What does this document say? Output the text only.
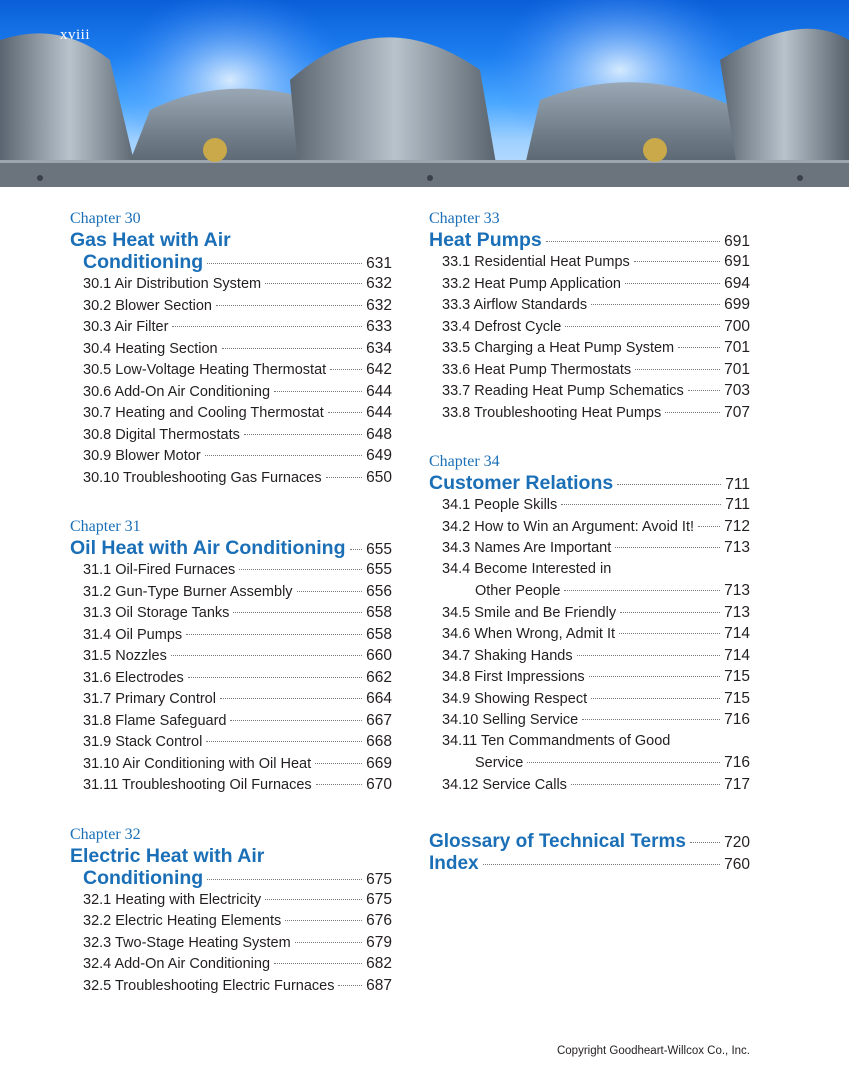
xviii
Chapter 30
Gas Heat with Air
Conditioning	631
30.1 Air Distribution System	632
30.2 Blower Section	632
30.3 Air Filter	633
30.4 Heating Section	634
30.5 Low-Voltage Heating Thermostat	642
30.6 Add-On Air Conditioning	644
30.7 Heating and Cooling Thermostat	644
30.8 Digital Thermostats	648
30.9 Blower Motor	649
30.10 Troubleshooting Gas Furnaces	650
Chapter 31
Oil Heat with Air Conditioning 655
31.1 Oil-Fired Furnaces	655
31.2 Gun-Type Burner Assembly	656
31.3 Oil Storage Tanks	658
31.4 Oil Pumps	658
31.5 Nozzles	660
31.6 Electrodes	662
31.7 Primary Control	664
31.8 Flame Safeguard	667
31.9 Stack Control	668
31.10 Air Conditioning with Oil Heat	669
31.11 Troubleshooting Oil Furnaces	670
Chapter 32
Electric Heat with Air
Conditioning	675
32.1 Heating with Electricity	675
32.2 Electric Heating Elements	676
32.3 Two-Stage Heating System	679
32.4 Add-On Air Conditioning	682
32.5 Troubleshooting Electric Furnaces 687
Chapter 33
Heat Pumps	691
33.1 Residential Heat Pumps	691
33.2 Heat Pump Application	694
33.3 Airflow Standards	699
33.4 Defrost Cycle	700
33.5 Charging a Heat Pump System	701
33.6 Heat Pump Thermostats	701
33.7 Reading Heat Pump Schematics	703
33.8 Troubleshooting Heat Pumps	707
Chapter 34
Customer Relations	711
34.1 People Skills	711
34.2 How to Win an Argument: Avoid It! 712
34.3 Names Are Important	713
34.4 Become Interested in
Other People	713
34.5 Smile and Be Friendly	713
34.6 When Wrong, Admit It	714
34.7 Shaking Hands	714
34.8 First Impressions	715
34.9 Showing Respect	715
34.10 Selling Service	716
34.11 Ten Commandments of Good
Service	716
34.12 Service Calls	717
Glossary of Technical Terms 720
Index	760
Copyright Goodheart-Willcox Co., Inc.
